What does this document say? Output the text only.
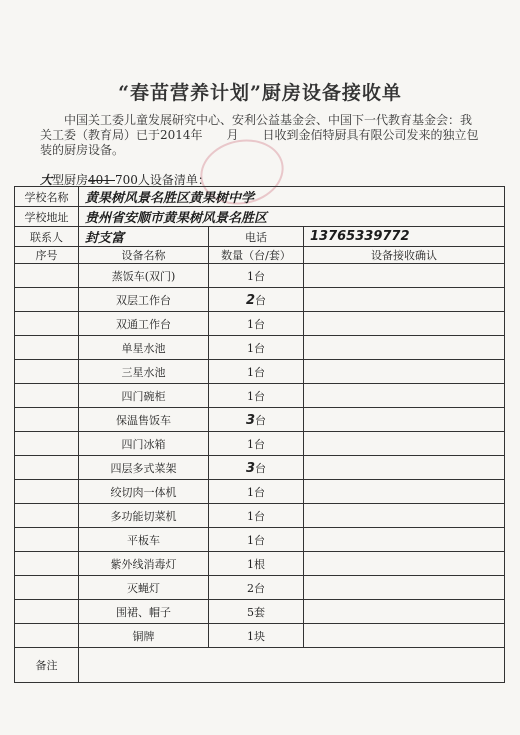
“春苗营养计划”厨房设备接收单

中国关工委儿童发展研究中心、安利公益基金会、中国下一代教育基金会：我关工委（教育局）已于2014年　　月　　日收到金佰特厨具有限公司发来的独立包装的厨房设备。

大型厨房401-700人设备清单：
学校名称	黄果树风景名胜区黄果树中学		
学校地址	贵州省安顺市黄果树风景名胜区		
联系人	封支富	电话	13765339772
序号	设备名称	数量（台/套）	设备接收确认
	蒸饭车(双门)	1台	
	双层工作台	2台	
	双通工作台	1台	
	单星水池	1台	
	三星水池	1台	
	四门碗柜	1台	
	保温售饭车	3台	
	四门冰箱	1台	
	四层多式菜架	3台	
	绞切肉一体机	1台	
	多功能切菜机	1台	
	平板车	1台	
	紫外线消毒灯	1根	
	灭蝇灯	2台	
	围裙、帽子	5套	
	铜牌	1块	
备注			
